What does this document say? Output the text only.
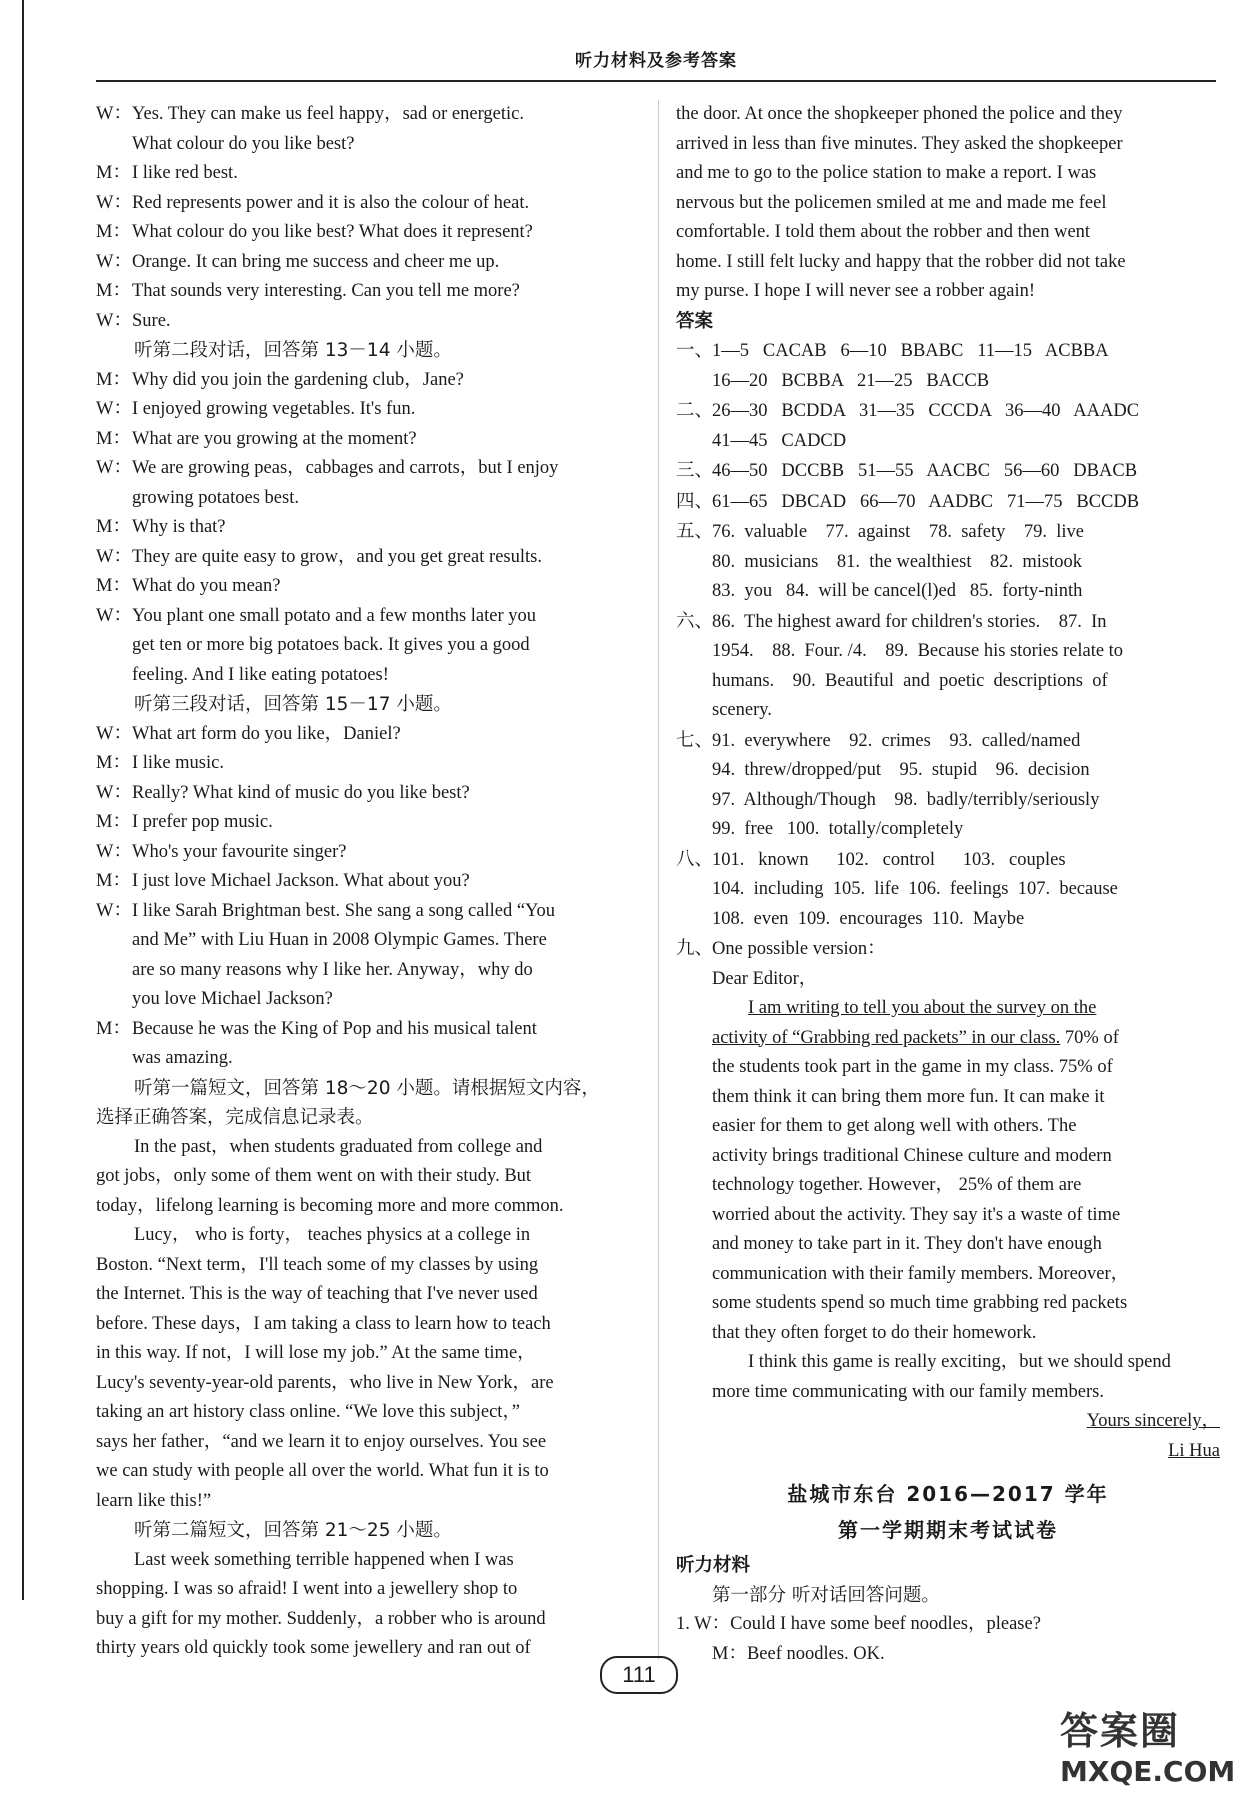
听力材料及参考答案
W：Yes. They can make us feel happy，sad or energetic.
What colour do you like best?
M：I like red best.
W：Red represents power and it is also the colour of heat.
M：What colour do you like best? What does it represent?
W：Orange. It can bring me success and cheer me up.
M：That sounds very interesting. Can you tell me more?
W：Sure.
听第二段对话，回答第 13－14 小题。
M：Why did you join the gardening club，Jane?
W：I enjoyed growing vegetables. It's fun.
M：What are you growing at the moment?
W：We are growing peas，cabbages and carrots，but I enjoy
growing potatoes best.
M：Why is that?
W：They are quite easy to grow，and you get great results.
M：What do you mean?
W：You plant one small potato and a few months later you
get ten or more big potatoes back. It gives you a good
feeling. And I like eating potatoes!
听第三段对话，回答第 15－17 小题。
W：What art form do you like，Daniel?
M：I like music.
W：Really? What kind of music do you like best?
M：I prefer pop music.
W：Who's your favourite singer?
M：I just love Michael Jackson. What about you?
W：I like Sarah Brightman best. She sang a song called “You
and Me” with Liu Huan in 2008 Olympic Games. There
are so many reasons why I like her. Anyway，why do
you love Michael Jackson?
M：Because he was the King of Pop and his musical talent
was amazing.
听第一篇短文，回答第 18～20 小题。请根据短文内容，
选择正确答案，完成信息记录表。
In the past，when students graduated from college and
got jobs，only some of them went on with their study. But
today，lifelong learning is becoming more and more common.
Lucy， who is forty， teaches physics at a college in
Boston. “Next term，I'll teach some of my classes by using
the Internet. This is the way of teaching that I've never used
before. These days，I am taking a class to learn how to teach
in this way. If not，I will lose my job.” At the same time，
Lucy's seventy-year-old parents，who live in New York，are
taking an art history class online. “We love this subject，”
says her father，“and we learn it to enjoy ourselves. You see
we can study with people all over the world. What fun it is to
learn like this!”
听第二篇短文，回答第 21～25 小题。
Last week something terrible happened when I was
shopping. I was so afraid! I went into a jewellery shop to
buy a gift for my mother. Suddenly，a robber who is around
thirty years old quickly took some jewellery and ran out of
the door. At once the shopkeeper phoned the police and they
arrived in less than five minutes. They asked the shopkeeper
and me to go to the police station to make a report. I was
nervous but the policemen smiled at me and made me feel
comfortable. I told them about the robber and then went
home. I still felt lucky and happy that the robber did not take
my purse. I hope I will never see a robber again!
答案
一、1—5   CACAB   6—10   BBABC   11—15   ACBBA
16—20   BCBBA   21—25   BACCB
二、26—30   BCDDA   31—35   CCCDA   36—40   AAADC
41—45   CADCD
三、46—50   DCCBB   51—55   AACBC   56—60   DBACB
四、61—65   DBCAD   66—70   AADBC   71—75   BCCDB
五、76.  valuable    77.  against    78.  safety    79.  live
80.  musicians    81.  the wealthiest    82.  mistook
83.  you   84.  will be cancel(l)ed   85.  forty-ninth
六、86.  The highest award for children's stories.    87.  In
1954.    88.  Four. /4.    89.  Because his stories relate to
humans.    90.  Beautiful  and  poetic  descriptions  of
scenery.
七、91.  everywhere    92.  crimes    93.  called/named
94.  threw/dropped/put    95.  stupid    96.  decision
97.  Although/Though    98.  badly/terribly/seriously
99.  free   100.  totally/completely
八、101.   known      102.   control      103.   couples
104.  including  105.  life  106.  feelings  107.  because
108.  even  109.  encourages  110.  Maybe
九、One possible version：
Dear Editor，
I am writing to tell you about the survey on the
activity of “Grabbing red packets” in our class. 70% of
the students took part in the game in my class. 75% of
them think it can bring them more fun. It can make it
easier for them to get along well with others. The
activity brings traditional Chinese culture and modern
technology together. However， 25% of them are
worried about the activity. They say it's a waste of time
and money to take part in it. They don't have enough
communication with their family members. Moreover，
some students spend so much time grabbing red packets
that they often forget to do their homework.
I think this game is really exciting，but we should spend
more time communicating with our family members.
Yours sincerely，
Li Hua
盐城市东台 2016—2017 学年
第一学期期末考试试卷
听力材料
第一部分 听对话回答问题。
1. W：Could I have some beef noodles，please?
M：Beef noodles. OK.
111
答案圈
MXQE.COM
